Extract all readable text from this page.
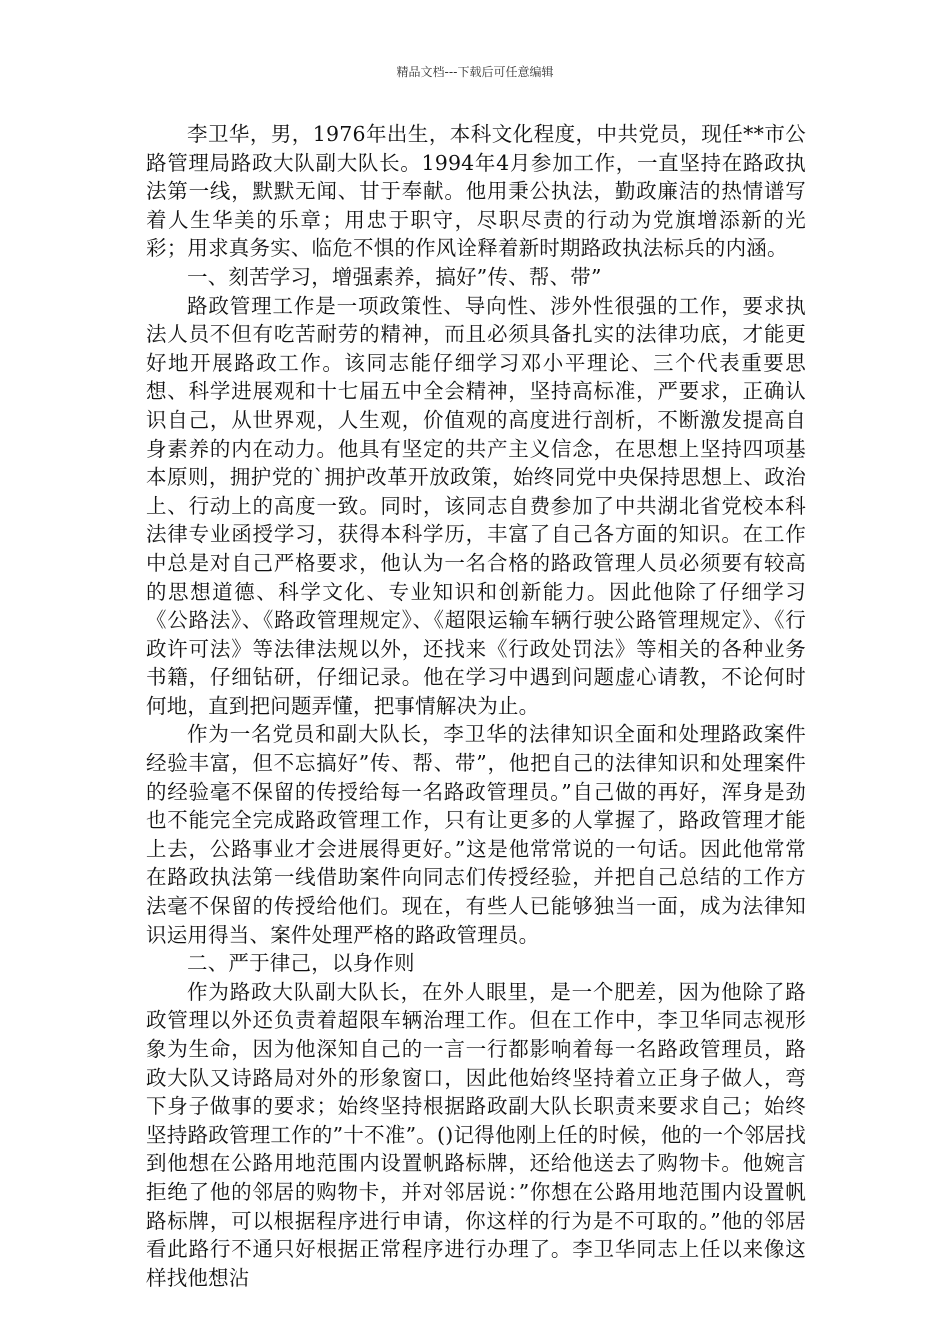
精品文档---下载后可任意编辑

李卫华，男，1976年出生，本科文化程度，中共党员，现任**市公路管理局路政大队副大队长。1994年4月参加工作，一直坚持在路政执法第一线，默默无闻、甘于奉献。他用秉公执法，勤政廉洁的热情谱写着人生华美的乐章；用忠于职守，尽职尽责的行动为党旗增添新的光彩；用求真务实、临危不惧的作风诠释着新时期路政执法标兵的内涵。

一、刻苦学习，增强素养，搞好”传、帮、带”

路政管理工作是一项政策性、导向性、涉外性很强的工作，要求执法人员不但有吃苦耐劳的精神，而且必须具备扎实的法律功底，才能更好地开展路政工作。该同志能仔细学习邓小平理论、三个代表重要思想、科学进展观和十七届五中全会精神，坚持高标准，严要求，正确认识自己，从世界观，人生观，价值观的高度进行剖析，不断激发提高自身素养的内在动力。他具有坚定的共产主义信念，在思想上坚持四项基本原则，拥护党的`拥护改革开放政策，始终同党中央保持思想上、政治上、行动上的高度一致。同时，该同志自费参加了中共湖北省党校本科法律专业函授学习，获得本科学历，丰富了自己各方面的知识。在工作中总是对自己严格要求，他认为一名合格的路政管理人员必须要有较高的思想道德、科学文化、专业知识和创新能力。因此他除了仔细学习《公路法》、《路政管理规定》、《超限运输车辆行驶公路管理规定》、《行政许可法》等法律法规以外，还找来《行政处罚法》等相关的各种业务书籍，仔细钻研，仔细记录。他在学习中遇到问题虚心请教，不论何时何地，直到把问题弄懂，把事情解决为止。

作为一名党员和副大队长，李卫华的法律知识全面和处理路政案件经验丰富，但不忘搞好”传、帮、带”，他把自己的法律知识和处理案件的经验毫不保留的传授给每一名路政管理员。”自己做的再好，浑身是劲也不能完全完成路政管理工作，只有让更多的人掌握了，路政管理才能上去，公路事业才会进展得更好。”这是他常常说的一句话。因此他常常在路政执法第一线借助案件向同志们传授经验，并把自己总结的工作方法毫不保留的传授给他们。现在，有些人已能够独当一面，成为法律知识运用得当、案件处理严格的路政管理员。

二、严于律己，以身作则

作为路政大队副大队长，在外人眼里，是一个肥差，因为他除了路政管理以外还负责着超限车辆治理工作。但在工作中，李卫华同志视形象为生命，因为他深知自己的一言一行都影响着每一名路政管理员，路政大队又诗路局对外的形象窗口，因此他始终坚持着立正身子做人，弯下身子做事的要求；始终坚持根据路政副大队长职责来要求自己；始终坚持路政管理工作的”十不准”。()记得他刚上任的时候，他的一个邻居找到他想在公路用地范围内设置帆路标牌，还给他送去了购物卡。他婉言拒绝了他的邻居的购物卡，并对邻居说：”你想在公路用地范围内设置帆路标牌，可以根据程序进行申请，你这样的行为是不可取的。”他的邻居看此路行不通只好根据正常程序进行办理了。李卫华同志上任以来像这样找他想沾
